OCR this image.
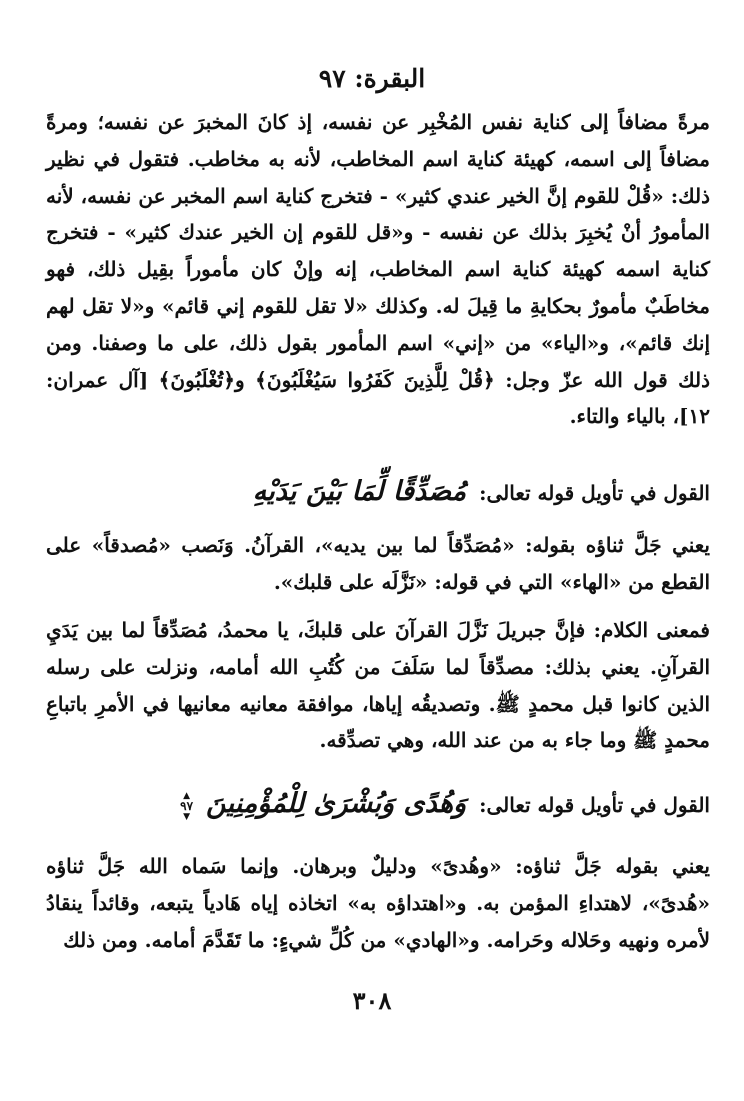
البقرة: ٩٧

مرةً مضافاً إلى كناية نفس المُخْبِر عن نفسه، إذ كانَ المخبرَ عن نفسه؛ ومرةً مضافاً إلى اسمه، كهيئة كناية اسم المخاطب، لأنه به مخاطب. فتقول في نظير ذلك: «قُلْ للقوم إنَّ الخير عندي كثير» - فتخرج كناية اسم المخبر عن نفسه، لأنه المأمورُ أنْ يُخبِرَ بذلك عن نفسه - و«قل للقوم إن الخير عندك كثير» - فتخرج كناية اسمه كهيئة كناية اسم المخاطب، إنه وإنْ كان مأموراً بقِيل ذلك، فهو مخاطَبٌ مأمورٌ بحكايةِ ما قِيلَ له. وكذلك «لا تقل للقوم إني قائم» و«لا تقل لهم إنك قائم»، و«الياء» من «إني» اسم المأمور بقول ذلك، على ما وصفنا. ومن ذلك قول الله عزّ وجل: ﴿قُلْ لِلَّذِينَ كَفَرُوا سَيُغْلَبُونَ﴾ و﴿تُغْلَبُونَ﴾ [آل عمران: ١٢]، بالياء والتاء.

القول في تأويل قوله تعالى: مُصَدِّقًا لِّمَا بَيْنَ يَدَيْهِ

يعني جَلَّ ثناؤه بقوله: «مُصَدِّقاً لما بين يديه»، القرآنُ. وَنَصب «مُصدقاً» على القطع من «الهاء» التي في قوله: «نَزَّلَه على قلبك».

فمعنى الكلام: فإنَّ جبريلَ نَزَّلَ القرآنَ على قلبكَ، يا محمدُ، مُصَدِّقاً لما بين يَدَيِ القرآنِ. يعني بذلك: مصدِّقاً لما سَلَفَ من كُتُبِ الله أمامه، ونزلت على رسله الذين كانوا قبل محمدٍ ﷺ. وتصديقُه إياها، موافقة معانيه معانيها في الأمرِ باتباعِ محمدٍ ﷺ وما جاء به من عند الله، وهي تصدِّقه.

القول في تأويل قوله تعالى: وَهُدًى وَبُشْرَىٰ لِلْمُؤْمِنِينَ
▲
٩٧
▼

يعني بقوله جَلَّ ثناؤه: «وهُدىً» ودليلٌ وبرهان. وإنما سَماه الله جَلَّ ثناؤه «هُدىً»، لاهتداءِ المؤمن به. و«اهتداؤه به» اتخاذه إياه هَادياً يتبعه، وقائداً ينقادُ لأمره ونهيه وحَلاله وحَرامه. و«الهادي» من كُلِّ شيءٍ: ما تَقَدَّمَ أمامه. ومن ذلك

٣٠٨
